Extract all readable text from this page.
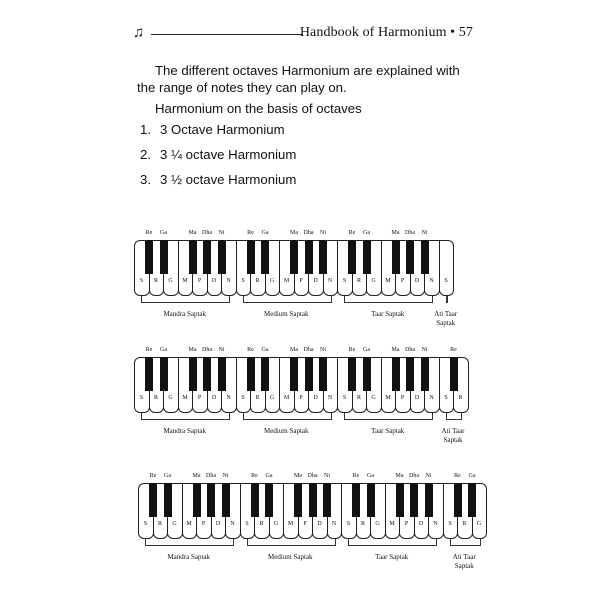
♫	Handbook of Harmonium • 57
The different octaves Harmonium are explained with the range of notes they can play on.
Harmonium on the basis of octaves
1. 3 Octave Harmonium
2. 3 ¼ octave Harmonium
3. 3 ½ octave Harmonium
S	R	G	M	P	D	N	S	R	G	M	P	D	N	S	R	G	M	P	D	N	S
Re	Ga	Ma Dha	Ni	Re	Ga	Ma Dha	Ni	Re	Ga	Ma Dha	Ni
Mandra Saptak	Medium Saptak	Taar Saptak	Ati Taar Saptak
S	R	G	M	P	D	N	S	R	G	M	P	D	N	S	R	G	M	P	D	N	S	R
Re	Ga	Ma Dha	Ni	Re	Ga	Ma Dha	Ni	Re	Ga	Ma Dha	Ni	Re
Mandra Saptak	Medium Saptak	Taar Saptak	Ati Taar Saptak
S	R	G	M	P	D	N	S	R	G	M	P	D	N	S	R	G	M	P	D	N	S	R	G
Re	Ga	Ma Dha	Ni	Re	Ga	Ma Dha	Ni	Re	Ga	Ma Dha	Ni	Re	Ga
Mandra Saptak	Medium Saptak	Taar Saptak	Ati Taar Saptak
